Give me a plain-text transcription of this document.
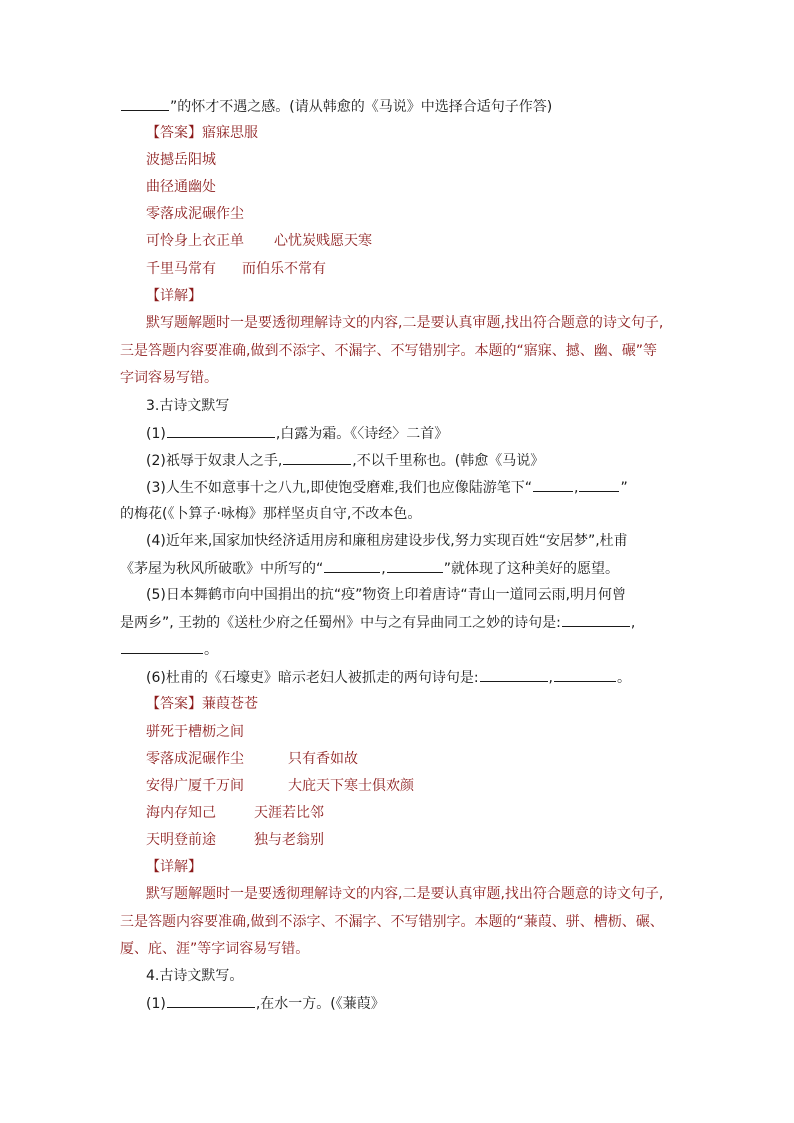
”的怀才不遇之感。(请从韩愈的《马说》中选择合适句子作答)
【答案】寤寐思服
波撼岳阳城
曲径通幽处
零落成泥碾作尘
可怜身上衣正单 心忧炭贱愿天寒
千里马常有 而伯乐不常有
【详解】
默写题解题时一是要透彻理解诗文的内容,二是要认真审题,找出符合题意的诗文句子,
三是答题内容要准确,做到不添字、不漏字、不写错别字。本题的“寤寐、撼、幽、碾”等
字词容易写错。
3.古诗文默写
(1)	,白露为霜。《〈诗经〉二首》
(2)祇辱于奴隶人之手,	,不以千里称也。(韩愈《马说》
(3)人生不如意事十之八九,即使饱受磨难,我们也应像陆游笔下“	,	”
的梅花(《卜算子·咏梅》那样坚贞自守,不改本色。
(4)近年来,国家加快经济适用房和廉租房建设步伐,努力实现百姓“安居梦”,杜甫
《茅屋为秋风所破歌》中所写的“	,	”就体现了这种美好的愿望。
(5)日本舞鹤市向中国捐出的抗“疫”物资上印着唐诗“青山一道同云雨,明月何曾
是两乡”, 王勃的《送杜少府之任蜀州》中与之有异曲同工之妙的诗句是:	,
。
(6)杜甫的《石壕吏》暗示老妇人被抓走的两句诗句是:	,	。
【答案】蒹葭苍苍
骈死于槽枥之间
零落成泥碾作尘	只有香如故
安得广厦千万间	大庇天下寒士俱欢颜
海内存知己	天涯若比邻
天明登前途	独与老翁别
【详解】
默写题解题时一是要透彻理解诗文的内容,二是要认真审题,找出符合题意的诗文句子,
三是答题内容要准确,做到不添字、不漏字、不写错别字。本题的“蒹葭、骈、槽枥、碾、
厦、庇、涯”等字词容易写错。
4.古诗文默写。
(1)	,在水一方。(《蒹葭》
